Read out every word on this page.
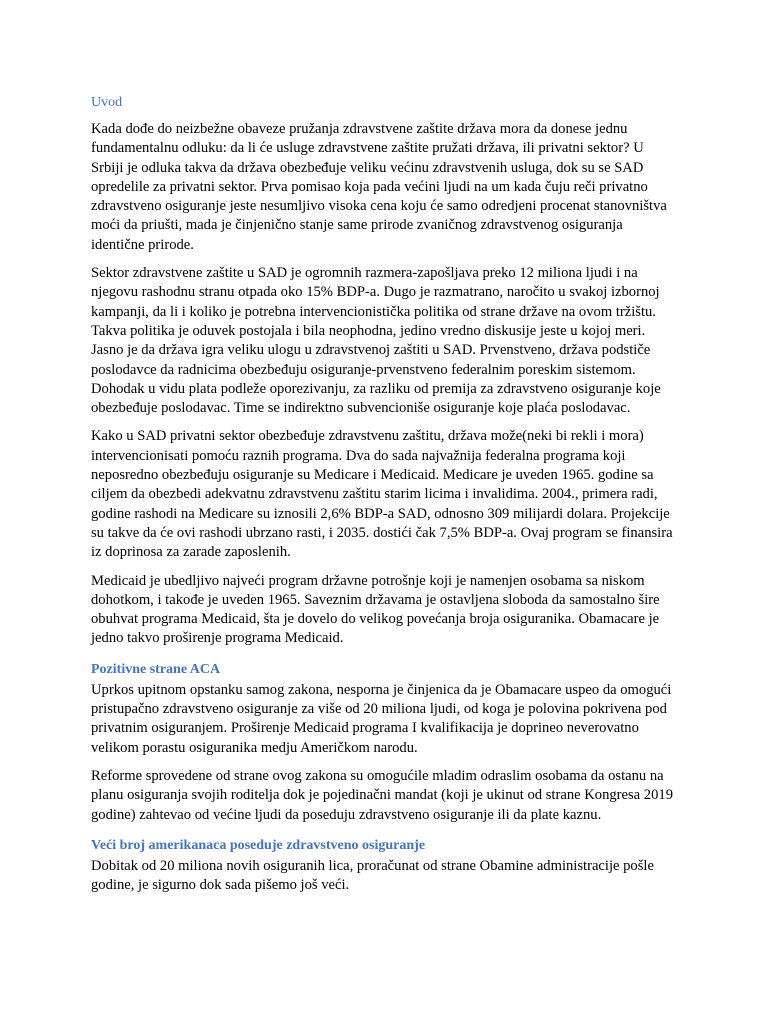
Uvod

Kada dođe do neizbežne obaveze pružanja zdravstvene zaštite država mora da donese jednu fundamentalnu odluku: da li će usluge zdravstvene zaštite pružati država, ili privatni sektor? U Srbiji je odluka takva da država obezbeđuje veliku većinu zdravstvenih usluga, dok su se SAD opredelile za privatni sektor. Prva pomisao koja pada većini ljudi na um kada čuju reči privatno zdravstveno osiguranje jeste nesumljivo visoka cena koju će samo odredjeni procenat stanovništva moći da priušti, mada je činjenično stanje same prirode zvaničnog zdravstvenog osiguranja identične prirode.

Sektor zdravstvene zaštite u SAD je ogromnih razmera-zapošljava preko 12 miliona ljudi i na njegovu rashodnu stranu otpada oko 15% BDP-a. Dugo je razmatrano, naročito u svakoj izbornoj kampanji, da li i koliko je potrebna intervencionistička politika od strane države na ovom tržištu. Takva politika je oduvek postojala i bila neophodna, jedino vredno diskusije jeste u kojoj meri. Jasno je da država igra veliku ulogu u zdravstvenoj zaštiti u SAD. Prvenstveno, država podstiče poslodavce da radnicima obezbeđuju osiguranje-prvenstveno federalnim poreskim sistemom. Dohodak u vidu plata podleže oporezivanju, za razliku od premija za zdravstveno osiguranje koje obezbeđuje poslodavac. Time se indirektno subvencioniše osiguranje koje plaća poslodavac.

Kako u SAD privatni sektor obezbeđuje zdravstvenu zaštitu, država može(neki bi rekli i mora) intervencionisati pomoću raznih programa. Dva do sada najvažnija federalna programa koji neposredno obezbeđuju osiguranje su Medicare i Medicaid. Medicare je uveden 1965. godine sa ciljem da obezbedi adekvatnu zdravstvenu zaštitu starim licima i invalidima. 2004., primera radi, godine rashodi na Medicare su iznosili 2,6% BDP-a SAD, odnosno 309 milijardi dolara. Projekcije su takve da će ovi rashodi ubrzano rasti, i 2035. dostići čak 7,5% BDP-a. Ovaj program se finansira iz doprinosa za zarade zaposlenih.

Medicaid je ubedljivo najveći program državne potrošnje koji je namenjen osobama sa niskom dohotkom, i takođe je uveden 1965. Saveznim državama je ostavljena sloboda da samostalno šire obuhvat programa Medicaid, šta je dovelo do velikog povećanja broja osiguranika. Obamacare je jedno takvo proširenje programa Medicaid.

Pozitivne strane ACA

Uprkos upitnom opstanku samog zakona, nesporna je činjenica da je Obamacare uspeo da omogući pristupačno zdravstveno osiguranje za više od 20 miliona ljudi, od koga je polovina pokrivena pod privatnim osiguranjem. Proširenje Medicaid programa I kvalifikacija je doprineo neverovatno velikom porastu osiguranika medju Američkom narodu.

Reforme sprovedene od strane ovog zakona su omogućile mladim odraslim osobama da ostanu na planu osiguranja svojih roditelja dok je pojedinačni mandat (koji je ukinut od strane Kongresa 2019 godine) zahtevao od većine ljudi da poseduju zdravstveno osiguranje ili da plate kaznu.

Veći broj amerikanaca poseduje zdravstveno osiguranje

Dobitak od 20 miliona novih osiguranih lica, proračunat od strane Obamine administracije pošle godine, je sigurno dok sada pišemo još veći.
